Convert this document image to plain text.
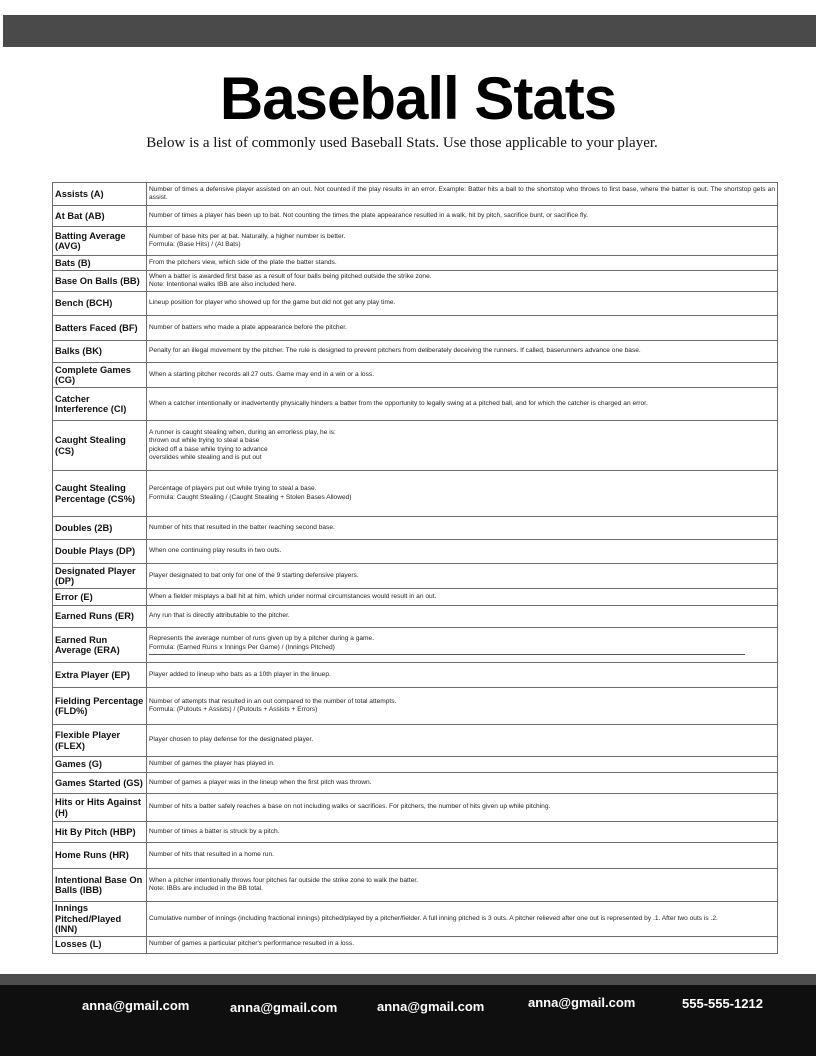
Baseball Stats
Below is a list of commonly used Baseball Stats. Use those applicable to your player.
Assists (A)	Number of times a defensive player assisted on an out. Not counted if the play results in an error. Example: Batter hits a ball to the shortstop who throws to first base, where the batter is out. The shortstop gets an assist.

At Bat (AB)	Number of times a player has been up to bat. Not counting the times the plate appearance resulted in a walk, hit by pitch, sacrifice bunt, or sacrifice fly.

Batting Average (AVG)	Number of base hits per at bat. Naturally, a higher number is better.
Formula: (Base Hits) / (At Bats)

Bats (B)	From the pitchers view, which side of the plate the batter stands.

Base On Balls (BB)	When a batter is awarded first base as a result of four balls being pitched outside the strike zone.
Note: Intentional walks IBB are also included here.

Bench (BCH)	Lineup position for player who showed up for the game but did not get any play time.

Batters Faced (BF)	Number of batters who made a plate appearance before the pitcher.

Balks (BK)	Penalty for an illegal movement by the pitcher. The rule is designed to prevent pitchers from deliberately deceiving the runners. If called, baserunners advance one base.

Complete Games (CG)	When a starting pitcher records all 27 outs. Game may end in a win or a loss.

Catcher Interference (CI)	When a catcher intentionally or inadvertently physically hinders a batter from the opportunity to legally swing at a pitched ball, and for which the catcher is charged an error.

Caught Stealing (CS)	A runner is caught stealing when, during an errorless play, he is:
thrown out while trying to steal a base
picked off a base while trying to advance
overslides while stealing and is put out

Caught Stealing Percentage (CS%)	Percentage of players put out while trying to steal a base.
Formula: Caught Stealing / (Caught Stealing + Stolen Bases Allowed)

Doubles (2B)	Number of hits that resulted in the batter reaching second base.

Double Plays (DP)	When one continuing play results in two outs.

Designated Player (DP)	Player designated to bat only for one of the 9 starting defensive players.

Error (E)	When a fielder misplays a ball hit at him, which under normal circumstances would result in an out.

Earned Runs (ER)	Any run that is directly attributable to the pitcher.

Earned Run Average (ERA)	Represents the average number of runs given up by a pitcher during a game.
Formula: (Earned Runs x Innings Per Game) / (Innings Pitched)

Extra Player (EP)	Player added to lineup who bats as a 10th player in the linuep.

Fielding Percentage (FLD%)	Number of attempts that resulted in an out compared to the number of total attempts.
Formula: (Putouts + Assists) / (Putouts + Assists + Errors)

Flexible Player (FLEX)	Player chosen to play defense for the designated player.

Games (G)	Number of games the player has played in.

Games Started (GS)	Number of games a player was in the lineup when the first pitch was thrown.

Hits or Hits Against (H)	Number of hits a batter safely reaches a base on not including walks or sacrifices. For pitchers, the number of hits given up while pitching.

Hit By Pitch (HBP)	Number of times a batter is struck by a pitch.

Home Runs (HR)	Number of hits that resulted in a home run.

Intentional Base On Balls (IBB)	When a pitcher intentionally throws four pitches far outside the strike zone to walk the batter.
Note: IBBs are included in the BB total.

Innings Pitched/Played (INN)	Cumulative number of innings (including fractional innings) pitched/played by a pitcher/fielder. A full inning pitched is 3 outs. A pitcher relieved after one out is represented by .1. After two outs is .2.

Losses (L)	Number of games a particular pitcher's performance resulted in a loss.
anna@gmail.com	anna@gmail.com	anna@gmail.com	anna@gmail.com	555-555-1212
